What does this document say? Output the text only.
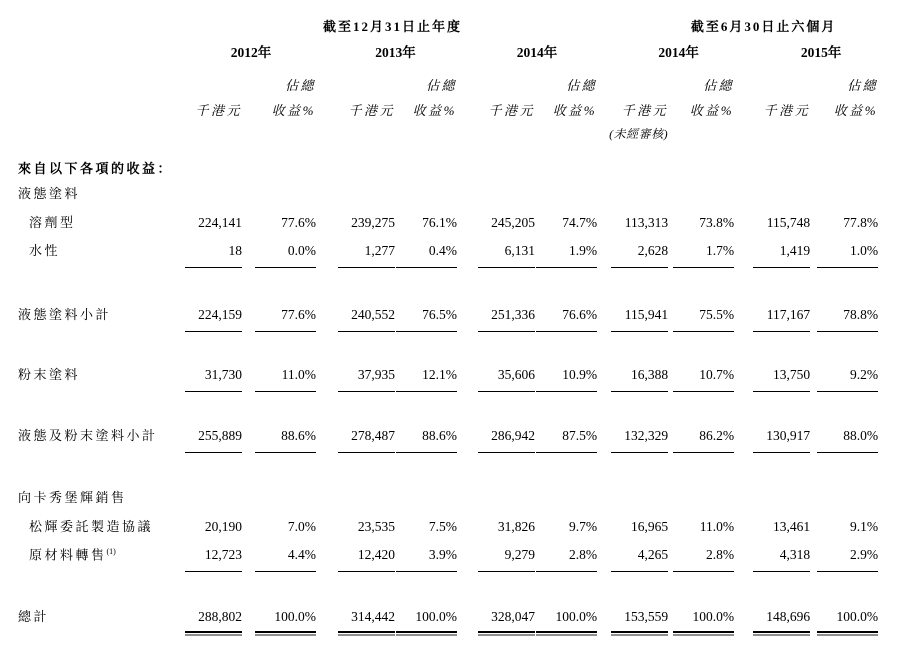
	截至12月31日止年度						截至6月30日止六個月			
	2012年		2013年		2014年		2014年		2015年	
		佔總		佔總		佔總		佔總		佔總
	千港元	收益%	千港元	收益%	千港元	收益%	千港元	收益%	千港元	收益%
							(未經審核)			
來自以下各項的收益：										
液態塗料										
溶劑型	224,141	77.6%	239,275	76.1%	245,205	74.7%	113,313	73.8%	115,748	77.8%
水性	18	0.0%	1,277	0.4%	6,131	1.9%	2,628	1.7%	1,419	1.0%
液態塗料小計	224,159	77.6%	240,552	76.5%	251,336	76.6%	115,941	75.5%	117,167	78.8%
粉末塗料	31,730	11.0%	37,935	12.1%	35,606	10.9%	16,388	10.7%	13,750	9.2%
液態及粉末塗料小計	255,889	88.6%	278,487	88.6%	286,942	87.5%	132,329	86.2%	130,917	88.0%
向卡秀堡輝銷售										
松輝委託製造協議	20,190	7.0%	23,535	7.5%	31,826	9.7%	16,965	11.0%	13,461	9.1%
原材料轉售$^{(1)}$	12,723	4.4%	12,420	3.9%	9,279	2.8%	4,265	2.8%	4,318	2.9%
總計	288,802	100.0%	314,442	100.0%	328,047	100.0%	153,559	100.0%	148,696	100.0%
